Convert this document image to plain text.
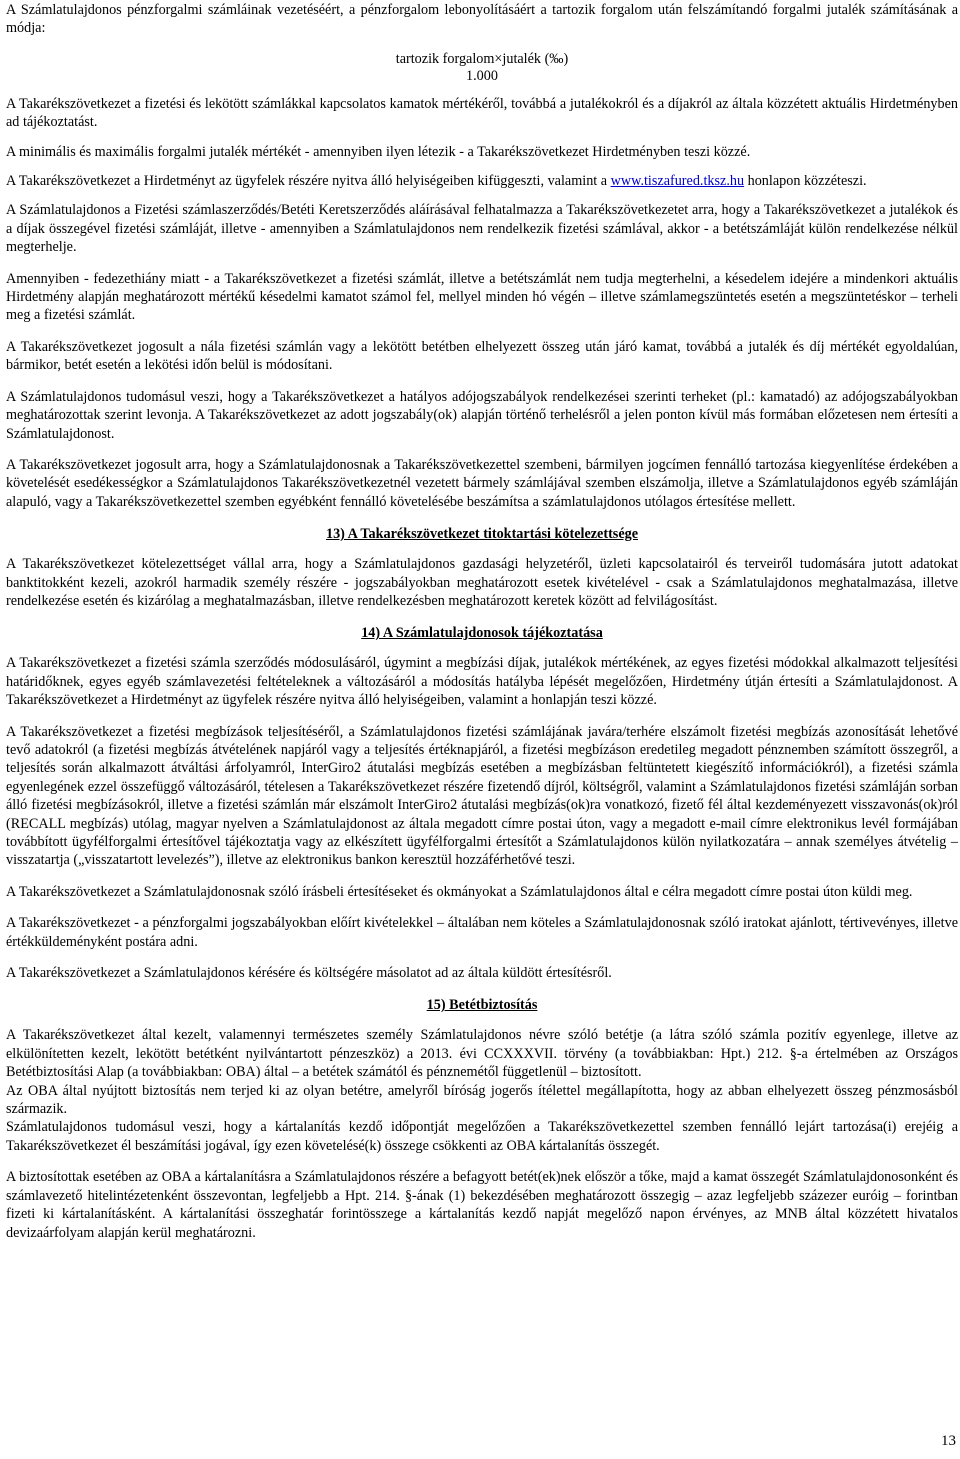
A Számlatulajdonos pénzforgalmi számláinak vezetéséért, a pénzforgalom lebonyolításáért a tartozik forgalom után felszámítandó forgalmi jutalék számításának a módja:

tartozik forgalom×jutalék (‰)
1.000

A Takarékszövetkezet a fizetési és lekötött számlákkal kapcsolatos kamatok mértékéről, továbbá a jutalékokról és a díjakról az általa közzétett aktuális Hirdetményben ad tájékoztatást.

A minimális és maximális forgalmi jutalék mértékét - amennyiben ilyen létezik - a Takarékszövetkezet Hirdetményben teszi közzé.

A Takarékszövetkezet a Hirdetményt az ügyfelek részére nyitva álló helyiségeiben kifüggeszti, valamint a www.tiszafured.tksz.hu honlapon közzéteszi.

A Számlatulajdonos a Fizetési számlaszerződés/Betéti Keretszerződés aláírásával felhatalmazza a Takarékszövetkezetet arra, hogy a Takarékszövetkezet a jutalékok és a díjak összegével fizetési számláját, illetve - amennyiben a Számlatulajdonos nem rendelkezik fizetési számlával, akkor - a betétszámláját külön rendelkezése nélkül megterhelje.

Amennyiben - fedezethiány miatt - a Takarékszövetkezet a fizetési számlát, illetve a betétszámlát nem tudja megterhelni, a késedelem idejére a mindenkori aktuális Hirdetmény alapján meghatározott mértékű késedelmi kamatot számol fel, mellyel minden hó végén – illetve számlamegszüntetés esetén a megszüntetéskor – terheli meg a fizetési számlát.

A Takarékszövetkezet jogosult a nála fizetési számlán vagy a lekötött betétben elhelyezett összeg után járó kamat, továbbá a jutalék és díj mértékét egyoldalúan, bármikor, betét esetén a lekötési időn belül is módosítani.

A Számlatulajdonos tudomásul veszi, hogy a Takarékszövetkezet a hatályos adójogszabályok rendelkezései szerinti terheket (pl.: kamatadó) az adójogszabályokban meghatározottak szerint levonja. A Takarékszövetkezet az adott jogszabály(ok) alapján történő terhelésről a jelen ponton kívül más formában előzetesen nem értesíti a Számlatulajdonost.

A Takarékszövetkezet jogosult arra, hogy a Számlatulajdonosnak a Takarékszövetkezettel szembeni, bármilyen jogcímen fennálló tartozása kiegyenlítése érdekében a követelését esedékességkor a Számlatulajdonos Takarékszövetkezetnél vezetett bármely számlájával szemben elszámolja, illetve a Számlatulajdonos egyéb számláján alapuló, vagy a Takarékszövetkezettel szemben egyébként fennálló követelésébe beszámítsa a számlatulajdonos utólagos értesítése mellett.

13) A Takarékszövetkezet titoktartási kötelezettsége

A Takarékszövetkezet kötelezettséget vállal arra, hogy a Számlatulajdonos gazdasági helyzetéről, üzleti kapcsolatairól és terveiről tudomására jutott adatokat banktitokként kezeli, azokról harmadik személy részére - jogszabályokban meghatározott esetek kivételével - csak a Számlatulajdonos meghatalmazása, illetve rendelkezése esetén és kizárólag a meghatalmazásban, illetve rendelkezésben meghatározott keretek között ad felvilágosítást.

14) A Számlatulajdonosok tájékoztatása

A Takarékszövetkezet a fizetési számla szerződés módosulásáról, úgymint a megbízási díjak, jutalékok mértékének, az egyes fizetési módokkal alkalmazott teljesítési határidőknek, egyes egyéb számlavezetési feltételeknek a változásáról a módosítás hatályba lépését megelőzően, Hirdetmény útján értesíti a Számlatulajdonost. A Takarékszövetkezet a Hirdetményt az ügyfelek részére nyitva álló helyiségeiben, valamint a honlapján teszi közzé.

A Takarékszövetkezet a fizetési megbízások teljesítéséről, a Számlatulajdonos fizetési számlájának javára/terhére elszámolt fizetési megbízás azonosítását lehetővé tevő adatokról (a fizetési megbízás átvételének napjáról vagy a teljesítés értéknapjáról, a fizetési megbízáson eredetileg megadott pénznemben számított összegről, a teljesítés során alkalmazott átváltási árfolyamról, InterGiro2 átutalási megbízás esetében a megbízásban feltüntetett kiegészítő információkról), a fizetési számla egyenlegének ezzel összefüggő változásáról, tételesen a Takarékszövetkezet részére fizetendő díjról, költségről, valamint a Számlatulajdonos fizetési számláján sorban álló fizetési megbízásokról, illetve a fizetési számlán már elszámolt InterGiro2 átutalási megbízás(ok)ra vonatkozó, fizető fél által kezdeményezett visszavonás(ok)ról (RECALL megbízás) utólag, magyar nyelven a Számlatulajdonost az általa megadott címre postai úton, vagy a megadott e-mail címre elektronikus levél formájában továbbított ügyfélforgalmi értesítővel tájékoztatja vagy az elkészített ügyfélforgalmi értesítőt a Számlatulajdonos külön nyilatkozatára – annak személyes átvételig – visszatartja („visszatartott levelezés”), illetve az elektronikus bankon keresztül hozzáférhetővé teszi.

A Takarékszövetkezet a Számlatulajdonosnak szóló írásbeli értesítéseket és okmányokat a Számlatulajdonos által e célra megadott címre postai úton küldi meg.

A Takarékszövetkezet - a pénzforgalmi jogszabályokban előírt kivételekkel – általában nem köteles a Számlatulajdonosnak szóló iratokat ajánlott, tértivevényes, illetve értékküldeményként postára adni.

A Takarékszövetkezet a Számlatulajdonos kérésére és költségére másolatot ad az általa küldött értesítésről.

15) Betétbiztosítás

A Takarékszövetkezet által kezelt, valamennyi természetes személy Számlatulajdonos névre szóló betétje (a látra szóló számla pozitív egyenlege, illetve az elkülönítetten kezelt, lekötött betétként nyilvántartott pénzeszköz) a 2013. évi CCXXXVII. törvény (a továbbiakban: Hpt.) 212. §-a értelmében az Országos Betétbiztosítási Alap (a továbbiakban: OBA) által – a betétek számától és pénznemétől függetlenül – biztosított.

Az OBA által nyújtott biztosítás nem terjed ki az olyan betétre, amelyről bíróság jogerős ítélettel megállapította, hogy az abban elhelyezett összeg pénzmosásból származik.

Számlatulajdonos tudomásul veszi, hogy a kártalanítás kezdő időpontját megelőzően a Takarékszövetkezettel szemben fennálló lejárt tartozása(i) erejéig a Takarékszövetkezet él beszámítási jogával, így ezen követelésé(k) összege csökkenti az OBA kártalanítás összegét.

A biztosítottak esetében az OBA a kártalanításra a Számlatulajdonos részére a befagyott betét(ek)nek először a tőke, majd a kamat összegét Számlatulajdonosonként és számlavezető hitelintézetenként összevontan, legfeljebb a Hpt. 214. §-ának (1) bekezdésében meghatározott összegig – azaz legfeljebb százezer euróig – forintban fizeti ki kártalanításként. A kártalanítási összeghatár forintösszege a kártalanítás kezdő napját megelőző napon érvényes, az MNB által közzétett hivatalos devizaárfolyam alapján kerül meghatározni.

13
